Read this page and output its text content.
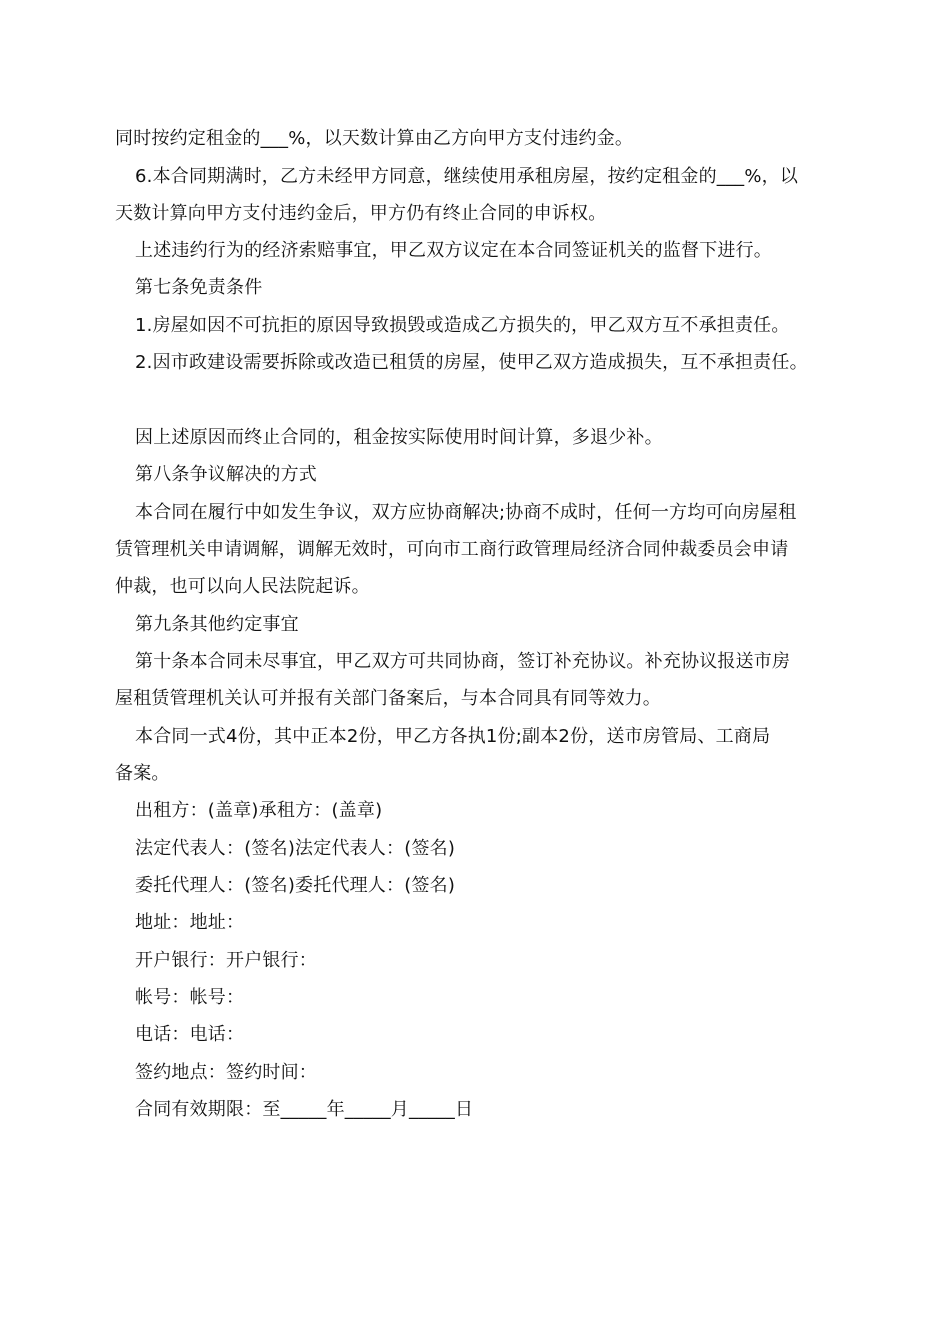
同时按约定租金的___%，以天数计算由乙方向甲方支付违约金。
6.本合同期满时，乙方未经甲方同意，继续使用承租房屋，按约定租金的___%，以
天数计算向甲方支付违约金后，甲方仍有终止合同的申诉权。
上述违约行为的经济索赔事宜，甲乙双方议定在本合同签证机关的监督下进行。
第七条免责条件
1.房屋如因不可抗拒的原因导致损毁或造成乙方损失的，甲乙双方互不承担责任。
2.因市政建设需要拆除或改造已租赁的房屋，使甲乙双方造成损失，互不承担责任。
因上述原因而终止合同的，租金按实际使用时间计算，多退少补。
第八条争议解决的方式
本合同在履行中如发生争议，双方应协商解决;协商不成时，任何一方均可向房屋租
赁管理机关申请调解，调解无效时，可向市工商行政管理局经济合同仲裁委员会申请
仲裁，也可以向人民法院起诉。
第九条其他约定事宜
第十条本合同未尽事宜，甲乙双方可共同协商，签订补充协议。补充协议报送市房
屋租赁管理机关认可并报有关部门备案后，与本合同具有同等效力。
本合同一式4份，其中正本2份，甲乙方各执1份;副本2份，送市房管局、工商局
备案。
出租方：(盖章)承租方：(盖章)
法定代表人：(签名)法定代表人：(签名)
委托代理人：(签名)委托代理人：(签名)
地址：地址：
开户银行：开户银行：
帐号：帐号：
电话：电话：
签约地点：签约时间：
合同有效期限：至_____年_____月_____日
